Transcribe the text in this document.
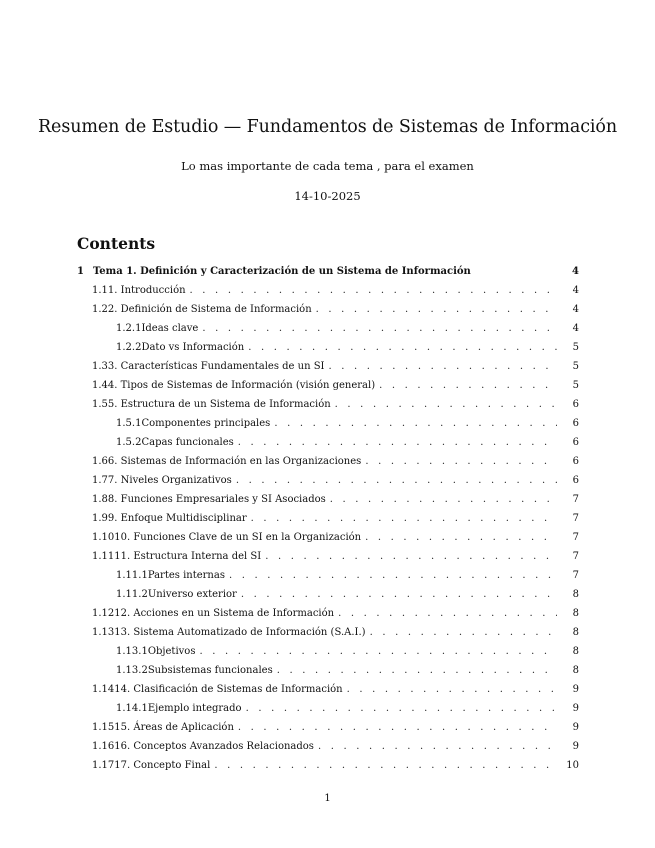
Resumen de Estudio — Fundamentos de Sistemas de Información
Lo mas importante de cada tema , para el examen
14-10-2025
Contents
1 Tema 1. Definición y Caracterización de un Sistema de Información	4
1.1 1. Introducción . . .	4
1.2 2. Definición de Sistema de Información . . .	4
1.2.1 Ideas clave . . .	4
1.2.2 Dato vs Información . . .	5
1.3 3. Características Fundamentales de un SI . . .	5
1.4 4. Tipos de Sistemas de Información (visión general) . . .	5
1.5 5. Estructura de un Sistema de Información . . .	6
1.5.1 Componentes principales . . .	6
1.5.2 Capas funcionales . . .	6
1.6 6. Sistemas de Información en las Organizaciones . . .	6
1.7 7. Niveles Organizativos . . .	6
1.8 8. Funciones Empresariales y SI Asociados . . .	7
1.9 9. Enfoque Multidisciplinar . . .	7
1.10 10. Funciones Clave de un SI en la Organización . . .	7
1.11 11. Estructura Interna del SI . . .	7
1.11.1 Partes internas . . .	7
1.11.2 Universo exterior . . .	8
1.12 12. Acciones en un Sistema de Información . . .	8
1.13 13. Sistema Automatizado de Información (S.A.I.) . . .	8
1.13.1 Objetivos . . .	8
1.13.2 Subsistemas funcionales . . .	8
1.14 14. Clasificación de Sistemas de Información . . .	9
1.14.1 Ejemplo integrado . . .	9
1.15 15. Áreas de Aplicación . . .	9
1.16 16. Conceptos Avanzados Relacionados . . .	9
1.17 17. Concepto Final . . .	10
1
